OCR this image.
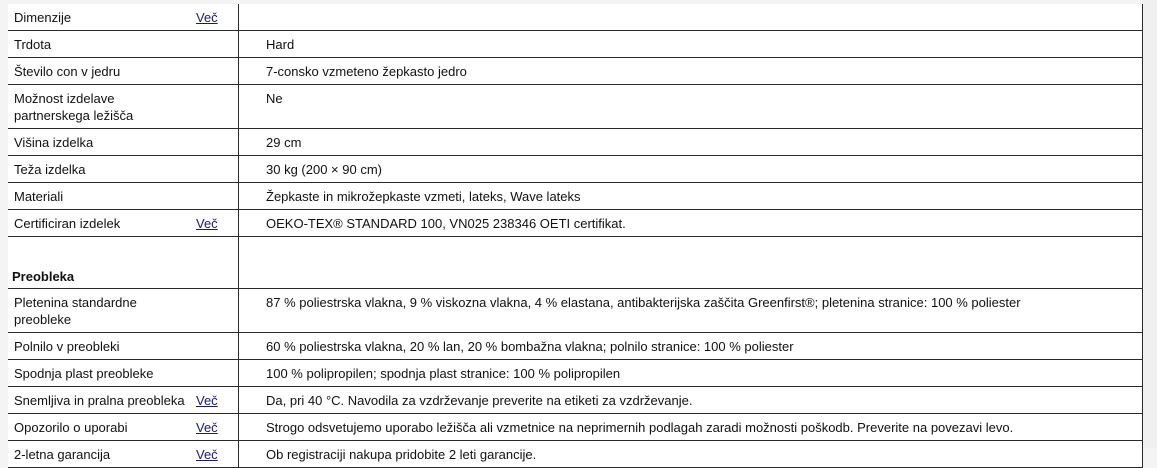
Dimenzije	Več	
Trdota		Hard
Število con v jedru		7-consko vzmeteno žepkasto jedro
Možnost izdelave partnerskega ležišča		Ne
Višina izdelka		29 cm
Teža izdelka		30 kg (200 × 90 cm)
Materiali		Žepkaste in mikrožepkaste vzmeti, lateks, Wave lateks
Certificiran izdelek	Več	OEKO-TEX® STANDARD 100, VN025 238346 OETI certifikat.
Preobleka		
Pletenina standardne preobleke		87 % poliestrska vlakna, 9 % viskozna vlakna, 4 % elastana, antibakterijska zaščita Greenfirst®; pletenina stranice: 100 % poliester
Polnilo v preobleki		60 % poliestrska vlakna, 20 % lan, 20 % bombažna vlakna; polnilo stranice: 100 % poliester
Spodnja plast preobleke		100 % polipropilen; spodnja plast stranice: 100 % polipropilen
Snemljiva in pralna preobleka	Več	Da, pri 40 °C. Navodila za vzdrževanje preverite na etiketi za vzdrževanje.
Opozorilo o uporabi	Več	Strogo odsvetujemo uporabo ležišča ali vzmetnice na neprimernih podlagah zaradi možnosti poškodb. Preverite na povezavi levo.
2-letna garancija	Več	Ob registraciji nakupa pridobite 2 leti garancije.
